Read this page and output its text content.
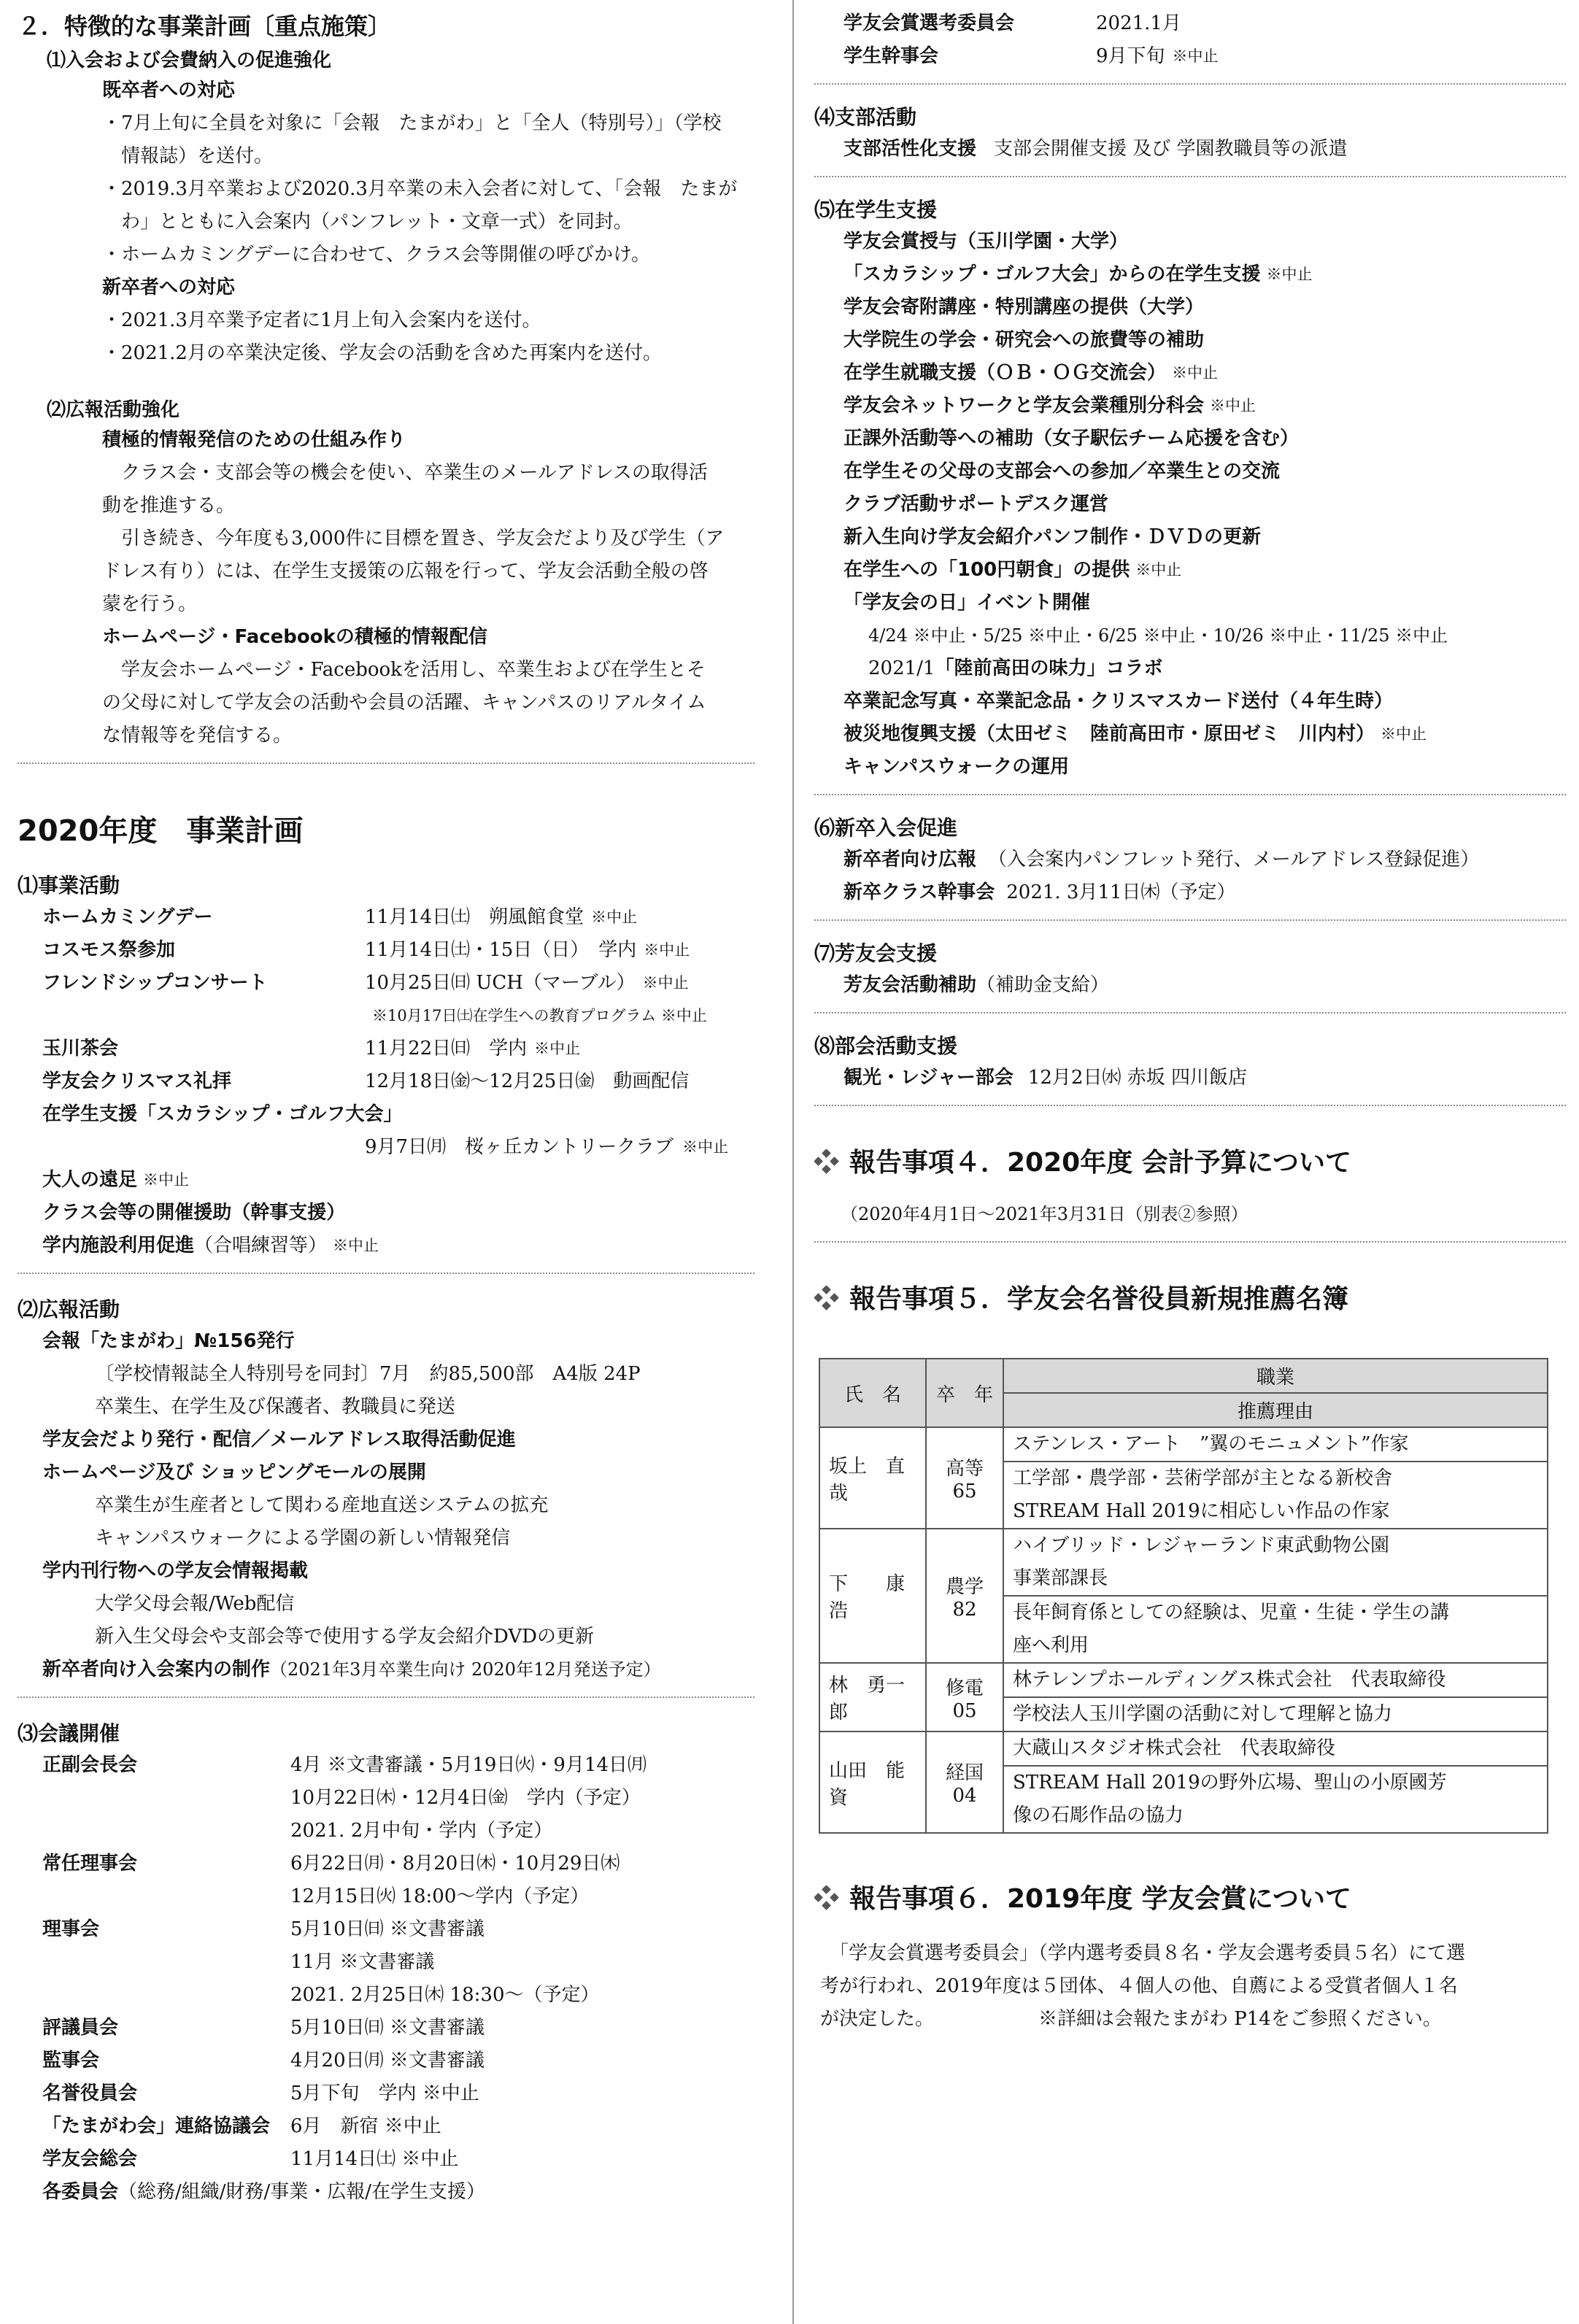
２．特徴的な事業計画〔重点施策〕
⑴入会および会費納入の促進強化
既卒者への対応
・7月上旬に全員を対象に「会報　たまがわ」と「全人（特別号）」（学校
　情報誌）を送付。
・2019.3月卒業および2020.3月卒業の未入会者に対して、「会報　たまが
　わ」とともに入会案内（パンフレット・文章一式）を同封。
・ホームカミングデーに合わせて、クラス会等開催の呼びかけ。
新卒者への対応
・2021.3月卒業予定者に1月上旬入会案内を送付。
・2021.2月の卒業決定後、学友会の活動を含めた再案内を送付。
⑵広報活動強化
積極的情報発信のための仕組み作り
　クラス会・支部会等の機会を使い、卒業生のメールアドレスの取得活
動を推進する。
　引き続き、今年度も3,000件に目標を置き、学友会だより及び学生（ア
ドレス有り）には、在学生支援策の広報を行って、学友会活動全般の啓
蒙を行う。
ホームページ・Facebookの積極的情報配信
　学友会ホームページ・Facebookを活用し、卒業生および在学生とそ
の父母に対して学友会の活動や会員の活躍、キャンパスのリアルタイム
な情報等を発信する。
2020年度　事業計画
⑴事業活動
ホームカミングデー	11月14日㈯　朔風館食堂 ※中止
コスモス祭参加	11月14日㈯・15日（日）　学内 ※中止
フレンドシップコンサート	10月25日㈰ UCH（マーブル） ※中止
※10月17日㈯在学生への教育プログラム ※中止
玉川茶会	11月22日㈰　学内 ※中止
学友会クリスマス礼拝	12月18日㈮～12月25日㈮　動画配信
在学生支援「スカラシップ・ゴルフ大会」
9月7日㈪　桜ヶ丘カントリークラブ ※中止
大人の遠足 ※中止
クラス会等の開催援助（幹事支援）
学内施設利用促進 （合唱練習等） ※中止
⑵広報活動
会報「たまがわ」№156発行
〔学校情報誌全人特別号を同封〕7月　約85,500部　A4版 24P
卒業生、在学生及び保護者、教職員に発送
学友会だより発行・配信／メールアドレス取得活動促進
ホームページ及び ショッピングモールの展開
卒業生が生産者として関わる産地直送システムの拡充
キャンパスウォークによる学園の新しい情報発信
学内刊行物への学友会情報掲載
大学父母会報/Web配信
新入生父母会や支部会等で使用する学友会紹介DVDの更新
新卒者向け入会案内の制作 （2021年3月卒業生向け 2020年12月発送予定）
⑶会議開催
正副会長会	4月 ※文書審議・5月19日㈫・9月14日㈪
10月22日㈭・12月4日㈮　学内（予定）
2021. 2月中旬・学内（予定）
常任理事会	6月22日㈪・8月20日㈭・10月29日㈭
12月15日㈫ 18:00～学内（予定）
理事会	5月10日㈰ ※文書審議
11月 ※文書審議
2021. 2月25日㈭ 18:30～（予定）
評議員会	5月10日㈰ ※文書審議
監事会	4月20日㈪ ※文書審議
名誉役員会	5月下旬　学内 ※中止
「たまがわ会」連絡協議会	6月　新宿 ※中止
学友会総会	11月14日㈯ ※中止
各委員会 （総務/組織/財務/事業・広報/在学生支援）
学友会賞選考委員会	2021.1月
学生幹事会	9月下旬 ※中止
⑷支部活動
支部活性化支援 支部会開催支援 及び 学園教職員等の派遣
⑸在学生支援
学友会賞授与（玉川学園・大学）
「スカラシップ・ゴルフ大会」からの在学生支援 ※中止
学友会寄附講座・特別講座の提供（大学）
大学院生の学会・研究会への旅費等の補助
在学生就職支援（ＯＢ・ＯＧ交流会） ※中止
学友会ネットワークと学友会業種別分科会 ※中止
正課外活動等への補助（女子駅伝チーム応援を含む）
在学生その父母の支部会への参加／卒業生との交流
クラブ活動サポートデスク運営
新入生向け学友会紹介パンフ制作・ＤＶＤの更新
在学生への「100円朝食」の提供 ※中止
「学友会の日」イベント開催
4/24 ※中止・5/25 ※中止・6/25 ※中止・10/26 ※中止・11/25 ※中止
2021/1 「陸前高田の味力」コラボ
卒業記念写真・卒業記念品・クリスマスカード送付（４年生時）
被災地復興支援（太田ゼミ　陸前高田市・原田ゼミ　川内村） ※中止
キャンパスウォークの運用
⑹新卒入会促進
新卒者向け広報 （入会案内パンフレット発行、メールアドレス登録促進）
新卒クラス幹事会 2021. 3月11日㈭（予定）
⑺芳友会支援
芳友会活動補助 （補助金支給）
⑻部会活動支援
観光・レジャー部会 12月2日㈬ 赤坂 四川飯店
報告事項４．2020年度 会計予算について
（2020年4月1日～2021年3月31日（別表②参照）
報告事項５．学友会名誉役員新規推薦名簿
氏　名	卒　年	職業
		推薦理由
坂上　直哉	高等65	ステンレス・アート　”翼のモニュメント”作家

		工学部・農学部・芸術学部が主となる新校舎
STREAM Hall 2019に相応しい作品の作家

下　　康浩	農学82	ハイブリッド・レジャーランド東武動物公園
事業部課長

		長年飼育係としての経験は、児童・生徒・学生の講
座へ利用

林　勇一郎	修電05	林テレンプホールディングス株式会社　代表取締役

		学校法人玉川学園の活動に対して理解と協力

山田　能資	経国04	大蔵山スタジオ株式会社　代表取締役

		STREAM Hall 2019の野外広場、聖山の小原國芳
像の石彫作品の協力
報告事項６．2019年度 学友会賞について
　「学友会賞選考委員会」（学内選考委員８名・学友会選考委員５名）にて選
考が行われ、2019年度は５団体、４個人の他、自薦による受賞者個人１名
が決定した。　　　　　　※詳細は会報たまがわ P14をご参照ください。
